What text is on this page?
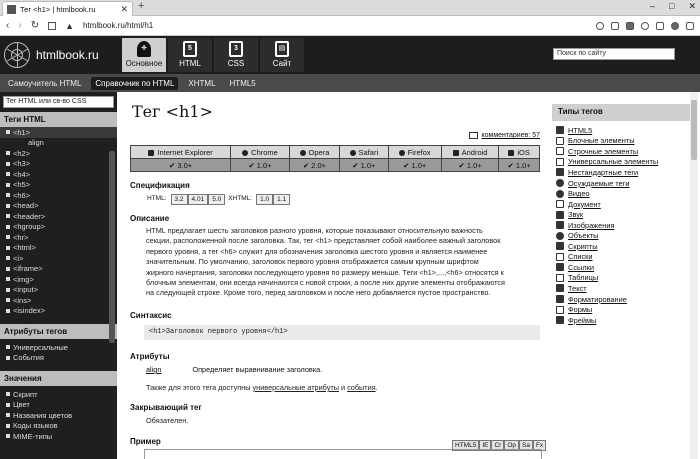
Тег <h1> | htmlbook.ru	✕ +	– □ ✕
‹ › ↻	▲ htmlbook.ru/html/h1
htmlbook.ru	✚
Основное
5
HTML
3
CSS
▤
Сайт
Поиск по сайту
Самоучитель HTML	Справочник по HTML	XHTML	HTML5
Тег HTML или св-во CSS
Теги HTML
<h1>
align
<h2>
<h3>
<h4>
<h5>
<h6>
<head>
<header>
<hgroup>
<hr>
<html>
<i>
<iframe>
<img>
<input>
<ins>
<isindex>
Атрибуты тегов
Универсальные
События
Значения
Скрипт
Цвет
Названия цветов
Коды языков
MIME-типы
Тег <h1>
комментариев: 57
Internet Explorer	Chrome	Opera	Safari	Firefox	Android	iOS
✔ 3.0+	✔ 1.0+	✔ 2.0+	✔ 1.0+	✔ 1.0+	✔ 1.0+	✔ 1.0+
Спецификация
HTML:	3.2	4.01	5.0	XHTML:	1.0	1.1
Описание
HTML предлагает шесть заголовков разного уровня, которые показывают относительную важность
секции, расположенной после заголовка. Так, тег <h1> представляет собой наиболее важный заголовок
первого уровня, а тег <h6> служит для обозначения заголовка шестого уровня и является наименее
значительным. По умолчанию, заголовок первого уровня отображается самым крупным шрифтом
жирного начертания, заголовки последующего уровня по размеру меньше. Теги <h1>,...,<h6> относятся к
блочным элементам, они всегда начинаются с новой строки, а после них другие элементы отображаются
на следующей строке. Кроме того, перед заголовком и после него добавляется пустое пространство.
Синтаксис
<h1>Заголовок первого уровня</h1>
Атрибуты
align	Определяет выравнивание заголовка.
Также для этого тега доступны универсальные атрибуты и события.
Закрывающий тег
Обязателен.
Пример	HTML5 IE Cr Op Sa Fx
Типы тегов
HTML5
Блочные элементы
Строчные элементы
Универсальные элементы
Нестандартные теги
Осуждаемые теги
Видео
Документ
Звук
Изображения
Объекты
Скрипты
Списки
Ссылки
Таблицы
Текст
Форматирование
Формы
Фреймы
